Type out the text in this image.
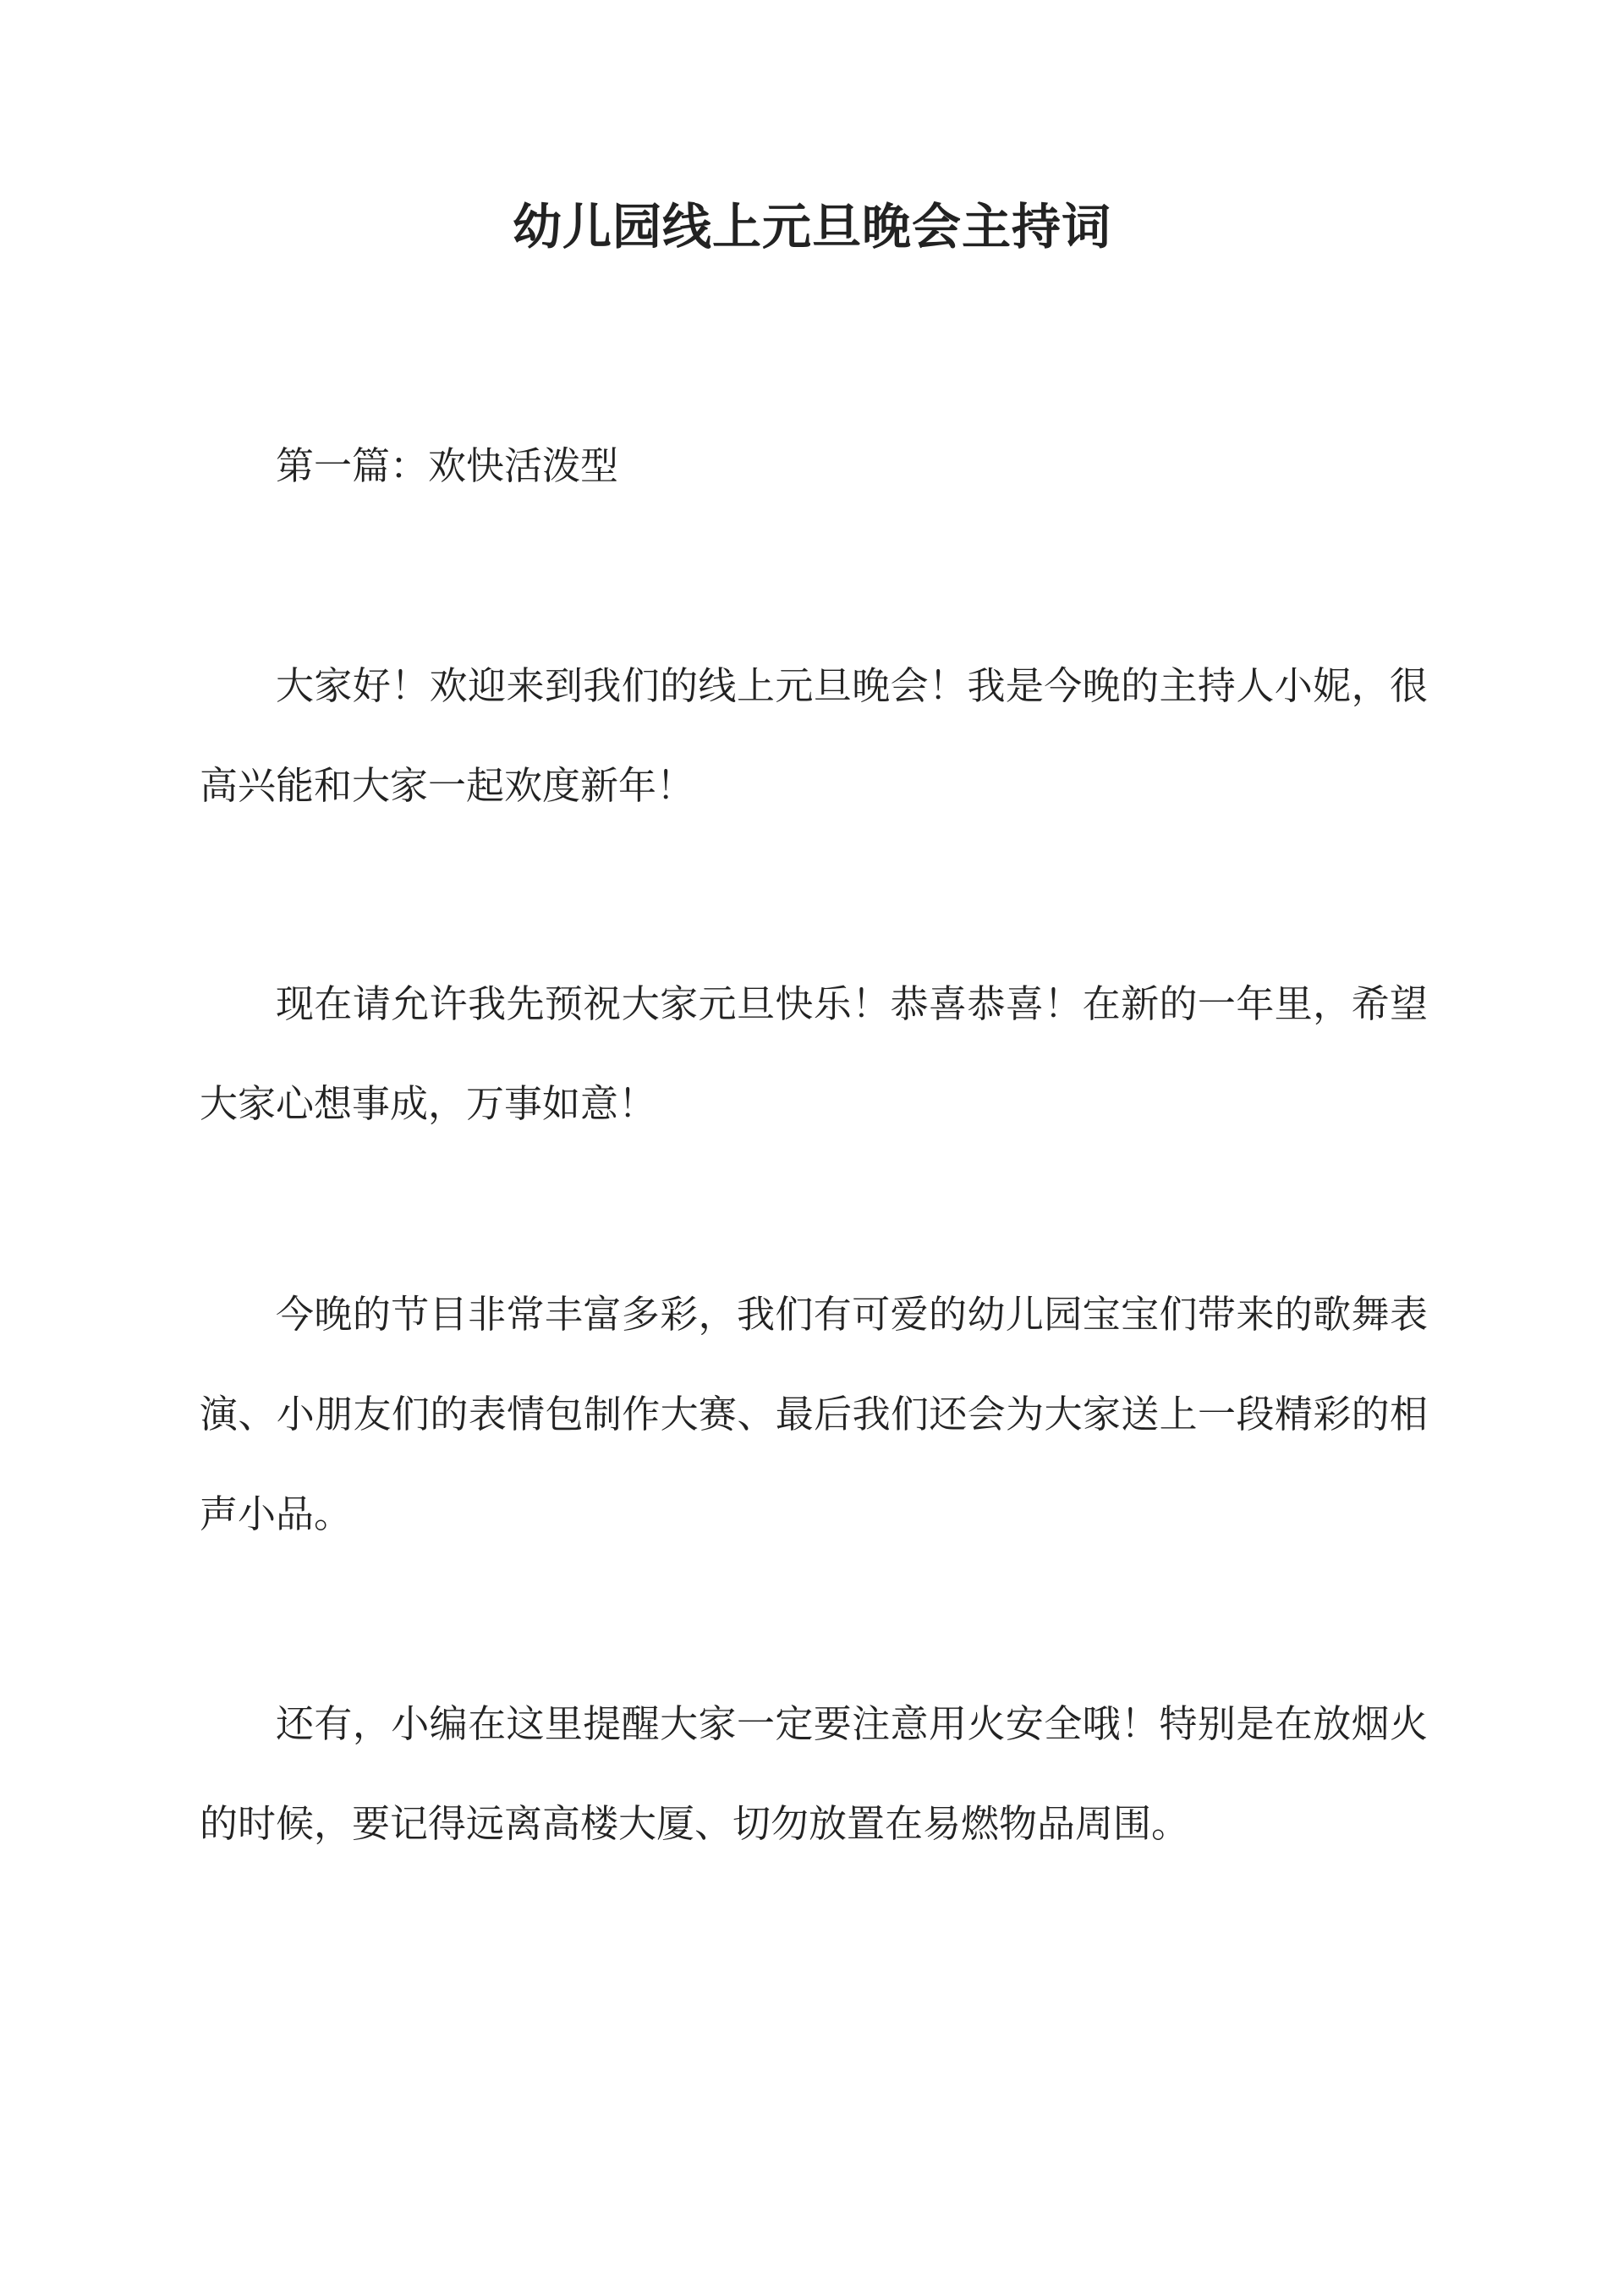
幼儿园线上元旦晚会主持词

第一篇：欢快活泼型

大家好！欢迎来到我们的线上元旦晚会！我是今晚的主持人小妮，很高兴能和大家一起欢度新年！

现在请允许我先预祝大家元旦快乐！恭喜恭喜！在新的一年里，希望大家心想事成，万事如意！

今晚的节目非常丰富多彩，我们有可爱的幼儿园宝宝们带来的歌舞表演、小朋友们的表情包制作大赛、最后我们还会为大家送上一段精彩的相声小品。

还有，小编在这里提醒大家一定要注意用火安全哦！特别是在放烟火的时候，要记得远离高楼大厦、切勿放置在易燃物品周围。
